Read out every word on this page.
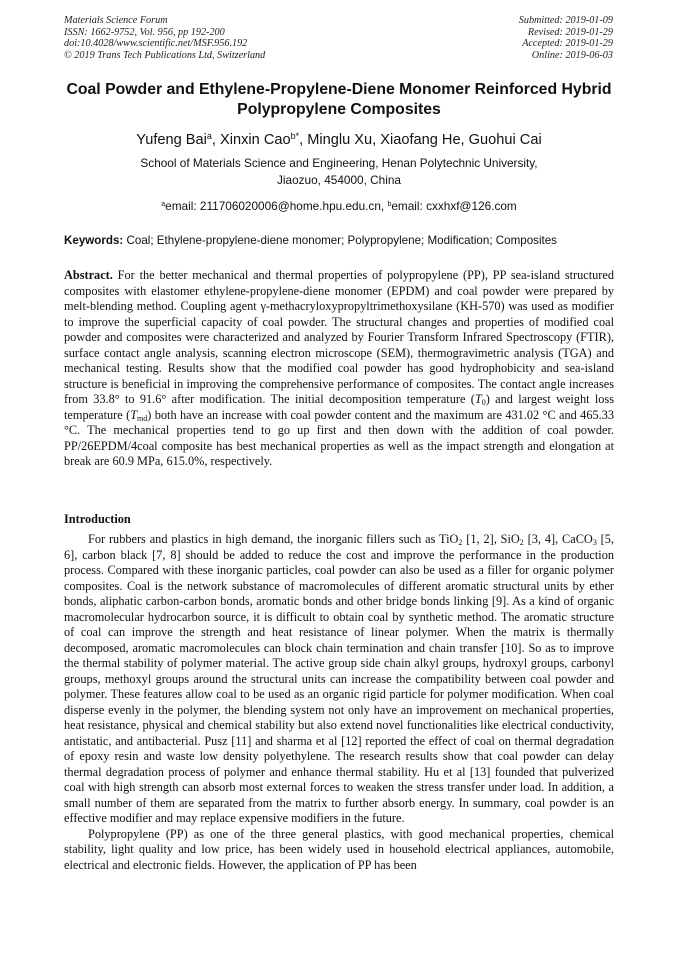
Materials Science Forum
ISSN: 1662-9752, Vol. 956, pp 192-200
doi:10.4028/www.scientific.net/MSF.956.192
© 2019 Trans Tech Publications Ltd, Switzerland
Submitted: 2019-01-09
Revised: 2019-01-29
Accepted: 2019-01-29
Online: 2019-06-03
Coal Powder and Ethylene-Propylene-Diene Monomer Reinforced Hybrid Polypropylene Composites
Yufeng Bai$^a$, Xinxin Cao$^{b*}$, Minglu Xu, Xiaofang He, Guohui Cai
School of Materials Science and Engineering, Henan Polytechnic University,
Jiaozuo, 454000, China
$^a$email: 211706020006@home.hpu.edu.cn, $^b$email: cxxhxf@126.com
Keywords: Coal; Ethylene-propylene-diene monomer; Polypropylene; Modification; Composites
Abstract. For the better mechanical and thermal properties of polypropylene (PP), PP sea-island structured composites with elastomer ethylene-propylene-diene monomer (EPDM) and coal powder were prepared by melt-blending method. Coupling agent γ-methacryloxypropyltrimethoxysilane (KH-570) was used as modifier to improve the superficial capacity of coal powder. The structural changes and properties of modified coal powder and composites were characterized and analyzed by Fourier Transform Infrared Spectroscopy (FTIR), surface contact angle analysis, scanning electron microscope (SEM), thermogravimetric analysis (TGA) and mechanical testing. Results show that the modified coal powder has good hydrophobicity and sea-island structure is beneficial in improving the comprehensive performance of composites. The contact angle increases from 33.8° to 91.6° after modification. The initial decomposition temperature $(T_0)$ and largest weight loss temperature $(T_{md})$ both have an increase with coal powder content and the maximum are 431.02 °C and 465.33 °C. The mechanical properties tend to go up first and then down with the addition of coal powder. PP/26EPDM/4coal composite has best mechanical properties as well as the impact strength and elongation at break are 60.9 MPa, 615.0%, respectively.
Introduction

For rubbers and plastics in high demand, the inorganic fillers such as TiO$_2$ [1, 2], SiO$_2$ [3, 4], CaCO$_3$ [5, 6], carbon black [7, 8] should be added to reduce the cost and improve the performance in the production process. Compared with these inorganic particles, coal powder can also be used as a filler for organic polymer composites. Coal is the network substance of macromolecules of different aromatic structural units by ether bonds, aliphatic carbon-carbon bonds, aromatic bonds and other bridge bonds linking [9]. As a kind of organic macromolecular hydrocarbon source, it is difficult to obtain coal by synthetic method. The aromatic structure of coal can improve the strength and heat resistance of linear polymer. When the matrix is thermally decomposed, aromatic macromolecules can block chain termination and chain transfer [10]. So as to improve the thermal stability of polymer material. The active group side chain alkyl groups, hydroxyl groups, carbonyl groups, methoxyl groups around the structural units can increase the compatibility between coal powder and polymer. These features allow coal to be used as an organic rigid particle for polymer modification. When coal disperse evenly in the polymer, the blending system not only have an improvement on mechanical properties, heat resistance, physical and chemical stability but also extend novel functionalities like electrical conductivity, antistatic, and antibacterial. Pusz [11] and sharma et al [12] reported the effect of coal on thermal degradation of epoxy resin and waste low density polyethylene. The research results show that coal powder can delay thermal degradation process of polymer and enhance thermal stability. Hu et al [13] founded that pulverized coal with high strength can absorb most external forces to weaken the stress transfer under load. In addition, a small number of them are separated from the matrix to further absorb energy. In summary, coal powder is an effective modifier and may replace expensive modifiers in the future.

Polypropylene (PP) as one of the three general plastics, with good mechanical properties, chemical stability, light quality and low price, has been widely used in household electrical appliances, automobile, electrical and electronic fields. However, the application of PP has been
